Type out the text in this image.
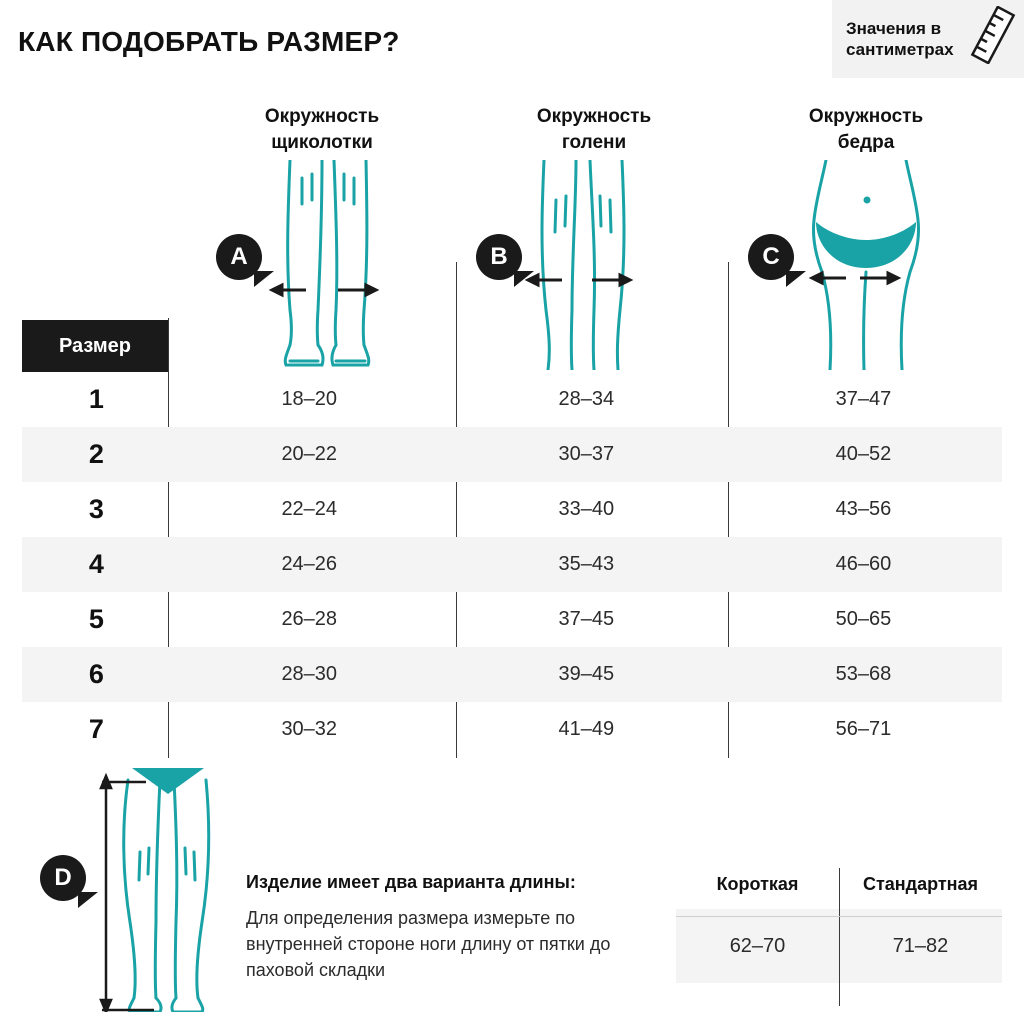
КАК ПОДОБРАТЬ РАЗМЕР?	Значения в сантиметрах
Окружность
щиколотки
Окружность
голени
Окружность
бедра
A	B	C
Размер
1	18–20	28–34	37–47
2	20–22	30–37	40–52
3	22–24	33–40	43–56
4	24–26	35–43	46–60
5	26–28	37–45	50–65
6	28–30	39–45	53–68
7	30–32	41–49	56–71
D	Изделие имеет два варианта длины:
Для определения размера измерьте по внутренней стороне ноги длину от пятки до паховой складки
Короткая	Стандартная
62–70	71–82
